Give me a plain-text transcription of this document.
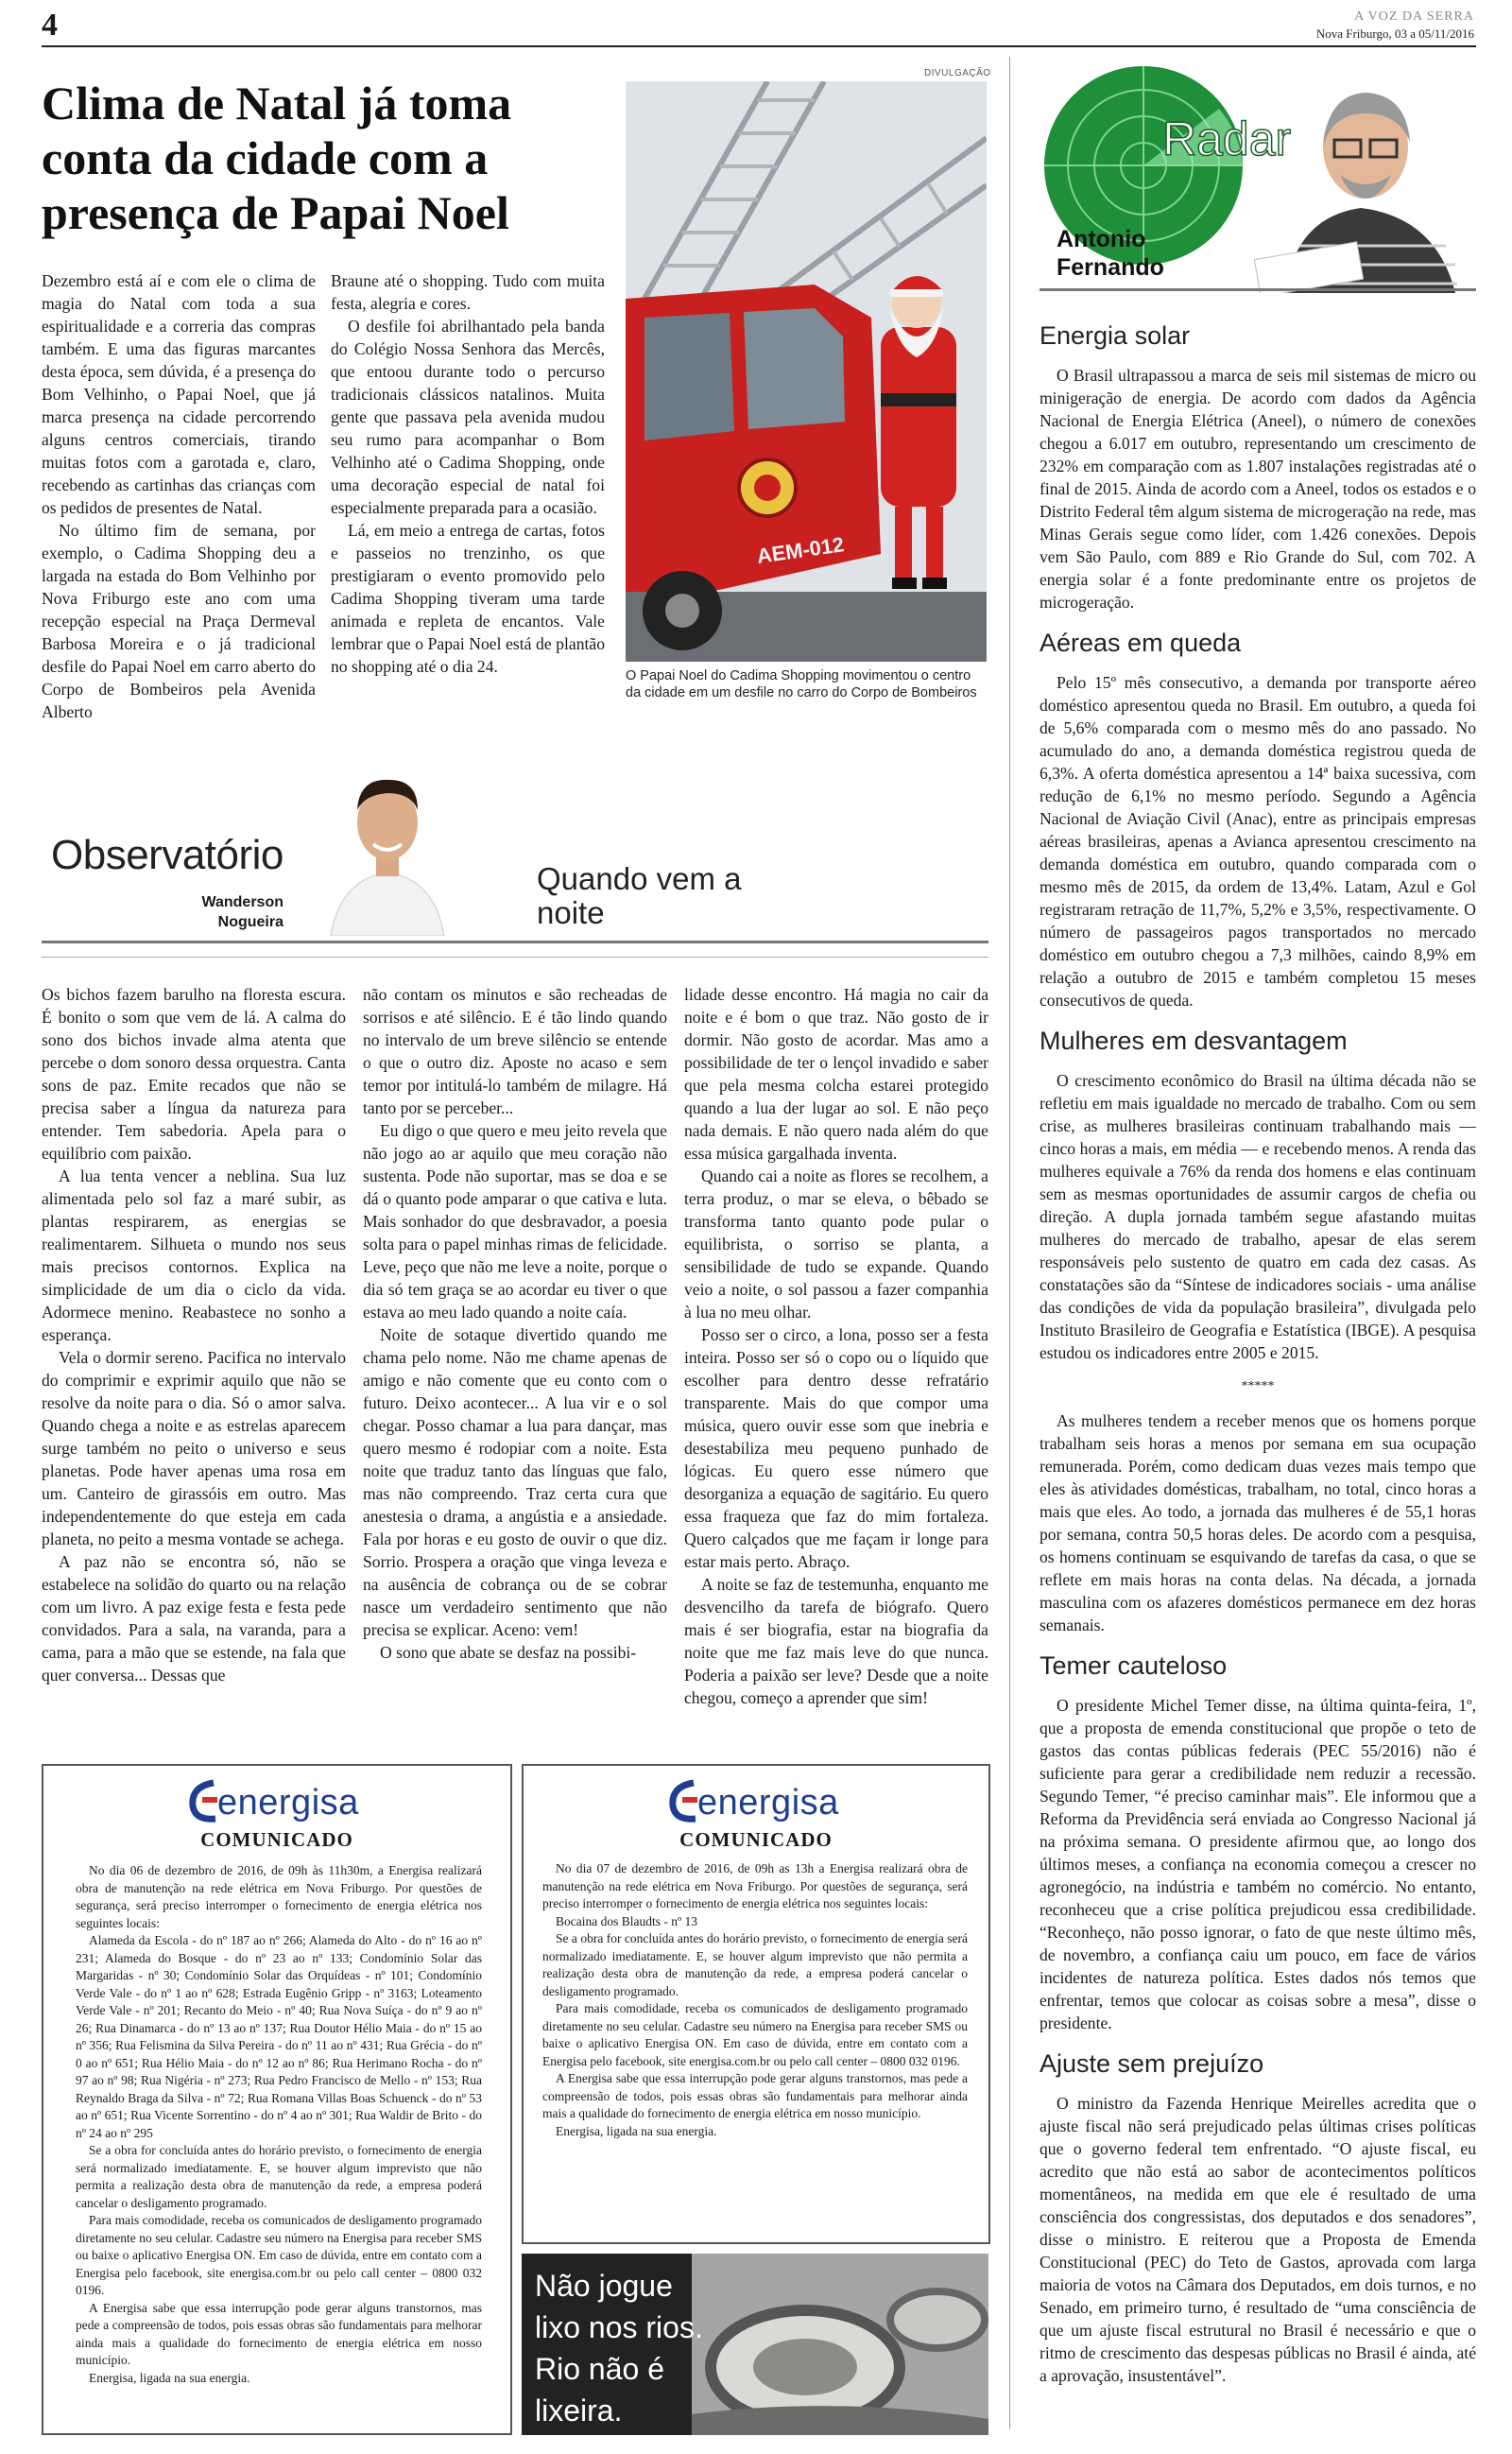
4	A VOZ DA SERRA
Nova Friburgo, 03 a 05/11/2016
Clima de Natal já toma conta da cidade com a presença de Papai Noel

Dezembro está aí e com ele o clima de magia do Natal com toda a sua espiritualidade e a correria das compras também. E uma das figuras marcantes desta época, sem dúvida, é a presença do Bom Velhinho, o Papai Noel, que já marca presença na cidade percorrendo alguns centros comerciais, tirando muitas fotos com a garotada e, claro, recebendo as cartinhas das crianças com os pedidos de presentes de Natal.

No último fim de semana, por exemplo, o Cadima Shopping deu a largada na estada do Bom Velhinho por Nova Friburgo este ano com uma recepção especial na Praça Dermeval Barbosa Moreira e o já tradicional desfile do Papai Noel em carro aberto do Corpo de Bombeiros pela Avenida Alberto

Braune até o shopping. Tudo com muita festa, alegria e cores.

O desfile foi abrilhantado pela banda do Colégio Nossa Senhora das Mercês, que entoou durante todo o percurso tradicionais clássicos natalinos. Muita gente que passava pela avenida mudou seu rumo para acompanhar o Bom Velhinho até o Cadima Shopping, onde uma decoração especial de natal foi especialmente preparada para a ocasião.

Lá, em meio a entrega de cartas, fotos e passeios no trenzinho, os que prestigiaram o evento promovido pelo Cadima Shopping tiveram uma tarde animada e repleta de encantos. Vale lembrar que o Papai Noel está de plantão no shopping até o dia 24.

DIVULGAÇÃO
AEM-012
O Papai Noel do Cadima Shopping movimentou o centro da cidade em um desfile no carro do Corpo de Bombeiros
Observatório
Wanderson Nogueira
Quando vem a noite

Os bichos fazem barulho na floresta escura. É bonito o som que vem de lá. A calma do sono dos bichos invade alma atenta que percebe o dom sonoro dessa orquestra. Canta sons de paz. Emite recados que não se precisa saber a língua da natureza para entender. Tem sabedoria. Apela para o equilíbrio com paixão.

A lua tenta vencer a neblina. Sua luz alimentada pelo sol faz a maré subir, as plantas respirarem, as energias se realimentarem. Silhueta o mundo nos seus mais precisos contornos. Explica na simplicidade de um dia o ciclo da vida. Adormece menino. Reabastece no sonho a esperança.

Vela o dormir sereno. Pacifica no intervalo do comprimir e exprimir aquilo que não se resolve da noite para o dia. Só o amor salva. Quando chega a noite e as estrelas aparecem surge também no peito o universo e seus planetas. Pode haver apenas uma rosa em um. Canteiro de girassóis em outro. Mas independentemente do que esteja em cada planeta, no peito a mesma vontade se achega.

A paz não se encontra só, não se estabelece na solidão do quarto ou na relação com um livro. A paz exige festa e festa pede convidados. Para a sala, na varanda, para a cama, para a mão que se estende, na fala que quer conversa... Dessas que

não contam os minutos e são recheadas de sorrisos e até silêncio. E é tão lindo quando no intervalo de um breve silêncio se entende o que o outro diz. Aposte no acaso e sem temor por intitulá-lo também de milagre. Há tanto por se perceber...

Eu digo o que quero e meu jeito revela que não jogo ao ar aquilo que meu coração não sustenta. Pode não suportar, mas se doa e se dá o quanto pode amparar o que cativa e luta. Mais sonhador do que desbravador, a poesia solta para o papel minhas rimas de felicidade. Leve, peço que não me leve a noite, porque o dia só tem graça se ao acordar eu tiver o que estava ao meu lado quando a noite caía.

Noite de sotaque divertido quando me chama pelo nome. Não me chame apenas de amigo e não comente que eu conto com o futuro. Deixo acontecer... A lua vir e o sol chegar. Posso chamar a lua para dançar, mas quero mesmo é rodopiar com a noite. Esta noite que traduz tanto das línguas que falo, mas não compreendo. Traz certa cura que anestesia o drama, a angústia e a ansiedade. Fala por horas e eu gosto de ouvir o que diz. Sorrio. Prospera a oração que vinga leveza e na ausência de cobrança ou de se cobrar nasce um verdadeiro sentimento que não precisa se explicar. Aceno: vem!

O sono que abate se desfaz na possibi-

lidade desse encontro. Há magia no cair da noite e é bom o que traz. Não gosto de ir dormir. Não gosto de acordar. Mas amo a possibilidade de ter o lençol invadido e saber que pela mesma colcha estarei protegido quando a lua der lugar ao sol. E não peço nada demais. E não quero nada além do que essa música gargalhada inventa.

Quando cai a noite as flores se recolhem, a terra produz, o mar se eleva, o bêbado se transforma tanto quanto pode pular o equilibrista, o sorriso se planta, a sensibilidade de tudo se expande. Quando veio a noite, o sol passou a fazer companhia à lua no meu olhar.

Posso ser o circo, a lona, posso ser a festa inteira. Posso ser só o copo ou o líquido que escolher para dentro desse refratário transparente. Mais do que compor uma música, quero ouvir esse som que inebria e desestabiliza meu pequeno punhado de lógicas. Eu quero esse número que desorganiza a equação de sagitário. Eu quero essa fraqueza que faz do mim fortaleza. Quero calçados que me façam ir longe para estar mais perto. Abraço.

A noite se faz de testemunha, enquanto me desvencilho da tarefa de biógrafo. Quero mais é ser biografia, estar na biografia da noite que me faz mais leve do que nunca. Poderia a paixão ser leve? Desde que a noite chegou, começo a aprender que sim!

Radar
Antonio Fernando
Energia solar

O Brasil ultrapassou a marca de seis mil sistemas de micro ou minigeração de energia. De acordo com dados da Agência Nacional de Energia Elétrica (Aneel), o número de conexões chegou a 6.017 em outubro, representando um crescimento de 232% em comparação com as 1.807 instalações registradas até o final de 2015. Ainda de acordo com a Aneel, todos os estados e o Distrito Federal têm algum sistema de microgeração na rede, mas Minas Gerais segue como líder, com 1.426 conexões. Depois vem São Paulo, com 889 e Rio Grande do Sul, com 702. A energia solar é a fonte predominante entre os projetos de microgeração.

Aéreas em queda

Pelo 15º mês consecutivo, a demanda por transporte aéreo doméstico apresentou queda no Brasil. Em outubro, a queda foi de 5,6% comparada com o mesmo mês do ano passado. No acumulado do ano, a demanda doméstica registrou queda de 6,3%. A oferta doméstica apresentou a 14ª baixa sucessiva, com redução de 6,1% no mesmo período. Segundo a Agência Nacional de Aviação Civil (Anac), entre as principais empresas aéreas brasileiras, apenas a Avianca apresentou crescimento na demanda doméstica em outubro, quando comparada com o mesmo mês de 2015, da ordem de 13,4%. Latam, Azul e Gol registraram retração de 11,7%, 5,2% e 3,5%, respectivamente. O número de passageiros pagos transportados no mercado doméstico em outubro chegou a 7,3 milhões, caindo 8,9% em relação a outubro de 2015 e também completou 15 meses consecutivos de queda.

Mulheres em desvantagem

O crescimento econômico do Brasil na última década não se refletiu em mais igualdade no mercado de trabalho. Com ou sem crise, as mulheres brasileiras continuam trabalhando mais — cinco horas a mais, em média — e recebendo menos. A renda das mulheres equivale a 76% da renda dos homens e elas continuam sem as mesmas oportunidades de assumir cargos de chefia ou direção. A dupla jornada também segue afastando muitas mulheres do mercado de trabalho, apesar de elas serem responsáveis pelo sustento de quatro em cada dez casas. As constatações são da “Síntese de indicadores sociais - uma análise das condições de vida da população brasileira”, divulgada pelo Instituto Brasileiro de Geografia e Estatística (IBGE). A pesquisa estudou os indicadores entre 2005 e 2015.

*****

As mulheres tendem a receber menos que os homens porque trabalham seis horas a menos por semana em sua ocupação remunerada. Porém, como dedicam duas vezes mais tempo que eles às atividades domésticas, trabalham, no total, cinco horas a mais que eles. Ao todo, a jornada das mulheres é de 55,1 horas por semana, contra 50,5 horas deles. De acordo com a pesquisa, os homens continuam se esquivando de tarefas da casa, o que se reflete em mais horas na conta delas. Na década, a jornada masculina com os afazeres domésticos permanece em dez horas semanais.

Temer cauteloso

O presidente Michel Temer disse, na última quinta-feira, 1º, que a proposta de emenda constitucional que propõe o teto de gastos das contas públicas federais (PEC 55/2016) não é suficiente para gerar a credibilidade nem reduzir a recessão. Segundo Temer, “é preciso caminhar mais”. Ele informou que a Reforma da Previdência será enviada ao Congresso Nacional já na próxima semana. O presidente afirmou que, ao longo dos últimos meses, a confiança na economia começou a crescer no agronegócio, na indústria e também no comércio. No entanto, reconheceu que a crise política prejudicou essa credibilidade. “Reconheço, não posso ignorar, o fato de que neste último mês, de novembro, a confiança caiu um pouco, em face de vários incidentes de natureza política. Estes dados nós temos que enfrentar, temos que colocar as coisas sobre a mesa”, disse o presidente.

Ajuste sem prejuízo

O ministro da Fazenda Henrique Meirelles acredita que o ajuste fiscal não será prejudicado pelas últimas crises políticas que o governo federal tem enfrentado. “O ajuste fiscal, eu acredito que não está ao sabor de acontecimentos políticos momentâneos, na medida em que ele é resultado de uma consciência dos congressistas, dos deputados e dos senadores”, disse o ministro. E reiterou que a Proposta de Emenda Constitucional (PEC) do Teto de Gastos, aprovada com larga maioria de votos na Câmara dos Deputados, em dois turnos, e no Senado, em primeiro turno, é resultado de “uma consciência de que um ajuste fiscal estrutural no Brasil é necessário e que o ritmo de crescimento das despesas públicas no Brasil é ainda, até a aprovação, insustentável”.

energisa
COMUNICADO

No dia 06 de dezembro de 2016, de 09h às 11h30m, a Energisa realizará obra de manutenção na rede elétrica em Nova Friburgo. Por questões de segurança, será preciso interromper o fornecimento de energia elétrica nos seguintes locais:

Alameda da Escola - do nº 187 ao nº 266; Alameda do Alto - do nº 16 ao nº 231; Alameda do Bosque - do nº 23 ao nº 133; Condomínio Solar das Margaridas - nº 30; Condomínio Solar das Orquídeas - nº 101; Condomínio Verde Vale - do nº 1 ao nº 628; Estrada Eugênio Gripp - nº 3163; Loteamento Verde Vale - nº 201; Recanto do Meio - nº 40; Rua Nova Suíça - do nº 9 ao nº 26; Rua Dinamarca - do nº 13 ao nº 137; Rua Doutor Hélio Maia - do nº 15 ao nº 356; Rua Felismina da Silva Pereira - do nº 11 ao nº 431; Rua Grécia - do nº 0 ao nº 651; Rua Hélio Maia - do nº 12 ao nº 86; Rua Herimano Rocha - do nº 97 ao nº 98; Rua Nigéria - nº 273; Rua Pedro Francisco de Mello - nº 153; Rua Reynaldo Braga da Silva - nº 72; Rua Romana Villas Boas Schuenck - do nº 53 ao nº 651; Rua Vicente Sorrentino - do nº 4 ao nº 301; Rua Waldir de Brito - do nº 24 ao nº 295

Se a obra for concluída antes do horário previsto, o fornecimento de energia será normalizado imediatamente. E, se houver algum imprevisto que não permita a realização desta obra de manutenção da rede, a empresa poderá cancelar o desligamento programado.

Para mais comodidade, receba os comunicados de desligamento programado diretamente no seu celular. Cadastre seu número na Energisa para receber SMS ou baixe o aplicativo Energisa ON. Em caso de dúvida, entre em contato com a Energisa pelo facebook, site energisa.com.br ou pelo call center – 0800 032 0196.

A Energisa sabe que essa interrupção pode gerar alguns transtornos, mas pede a compreensão de todos, pois essas obras são fundamentais para melhorar ainda mais a qualidade do fornecimento de energia elétrica em nosso município.

Energisa, ligada na sua energia.

energisa
COMUNICADO

No dia 07 de dezembro de 2016, de 09h as 13h a Energisa realizará obra de manutenção na rede elétrica em Nova Friburgo. Por questões de segurança, será preciso interromper o fornecimento de energia elétrica nos seguintes locais:

Bocaina dos Blaudts - nº 13

Se a obra for concluída antes do horário previsto, o fornecimento de energia será normalizado imediatamente. E, se houver algum imprevisto que não permita a realização desta obra de manutenção da rede, a empresa poderá cancelar o desligamento programado.

Para mais comodidade, receba os comunicados de desligamento programado diretamente no seu celular. Cadastre seu número na Energisa para receber SMS ou baixe o aplicativo Energisa ON. Em caso de dúvida, entre em contato com a Energisa pelo facebook, site energisa.com.br ou pelo call center – 0800 032 0196.

A Energisa sabe que essa interrupção pode gerar alguns transtornos, mas pede a compreensão de todos, pois essas obras são fundamentais para melhorar ainda mais a qualidade do fornecimento de energia elétrica em nosso município.

Energisa, ligada na sua energia.

Não jogue
lixo nos rios.
Rio não é
lixeira.
